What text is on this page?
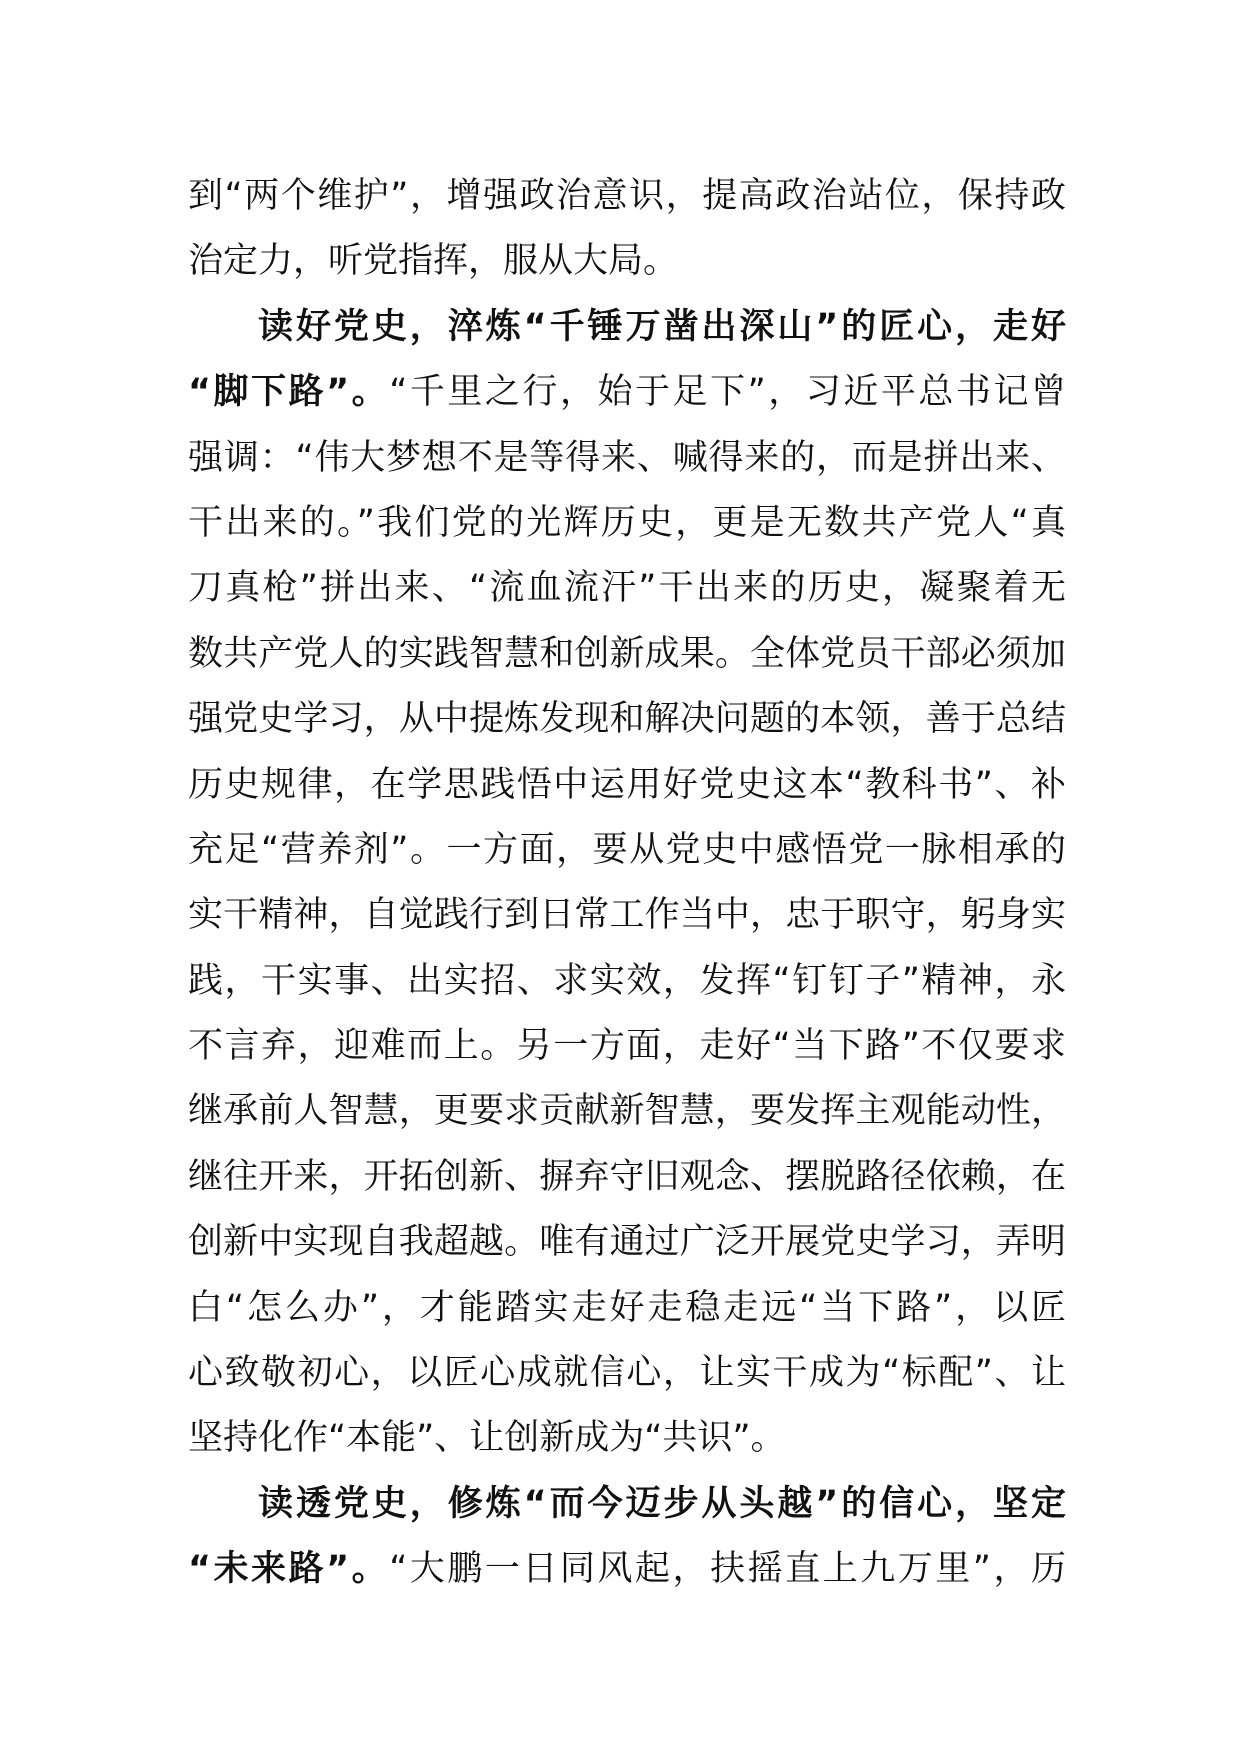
到“两个维护”，增强政治意识，提高政治站位，保持政
治定力，听党指挥，服从大局。
读好党史，淬炼“千锤万凿出深山”的匠心，走好
“脚下路”。“千里之行，始于足下”，习近平总书记曾
强调：“伟大梦想不是等得来、喊得来的，而是拼出来、
干出来的。”我们党的光辉历史，更是无数共产党人“真
刀真枪”拼出来、“流血流汗”干出来的历史，凝聚着无
数共产党人的实践智慧和创新成果。全体党员干部必须加
强党史学习，从中提炼发现和解决问题的本领，善于总结
历史规律，在学思践悟中运用好党史这本“教科书”、补
充足“营养剂”。一方面，要从党史中感悟党一脉相承的
实干精神，自觉践行到日常工作当中，忠于职守，躬身实
践，干实事、出实招、求实效，发挥“钉钉子”精神，永
不言弃，迎难而上。另一方面，走好“当下路”不仅要求
继承前人智慧，更要求贡献新智慧，要发挥主观能动性，
继往开来，开拓创新、摒弃守旧观念、摆脱路径依赖，在
创新中实现自我超越。唯有通过广泛开展党史学习，弄明
白“怎么办”，才能踏实走好走稳走远“当下路”，以匠
心致敬初心，以匠心成就信心，让实干成为“标配”、让
坚持化作“本能”、让创新成为“共识”。
读透党史，修炼“而今迈步从头越”的信心，坚定
“未来路”。“大鹏一日同风起，扶摇直上九万里”，历
